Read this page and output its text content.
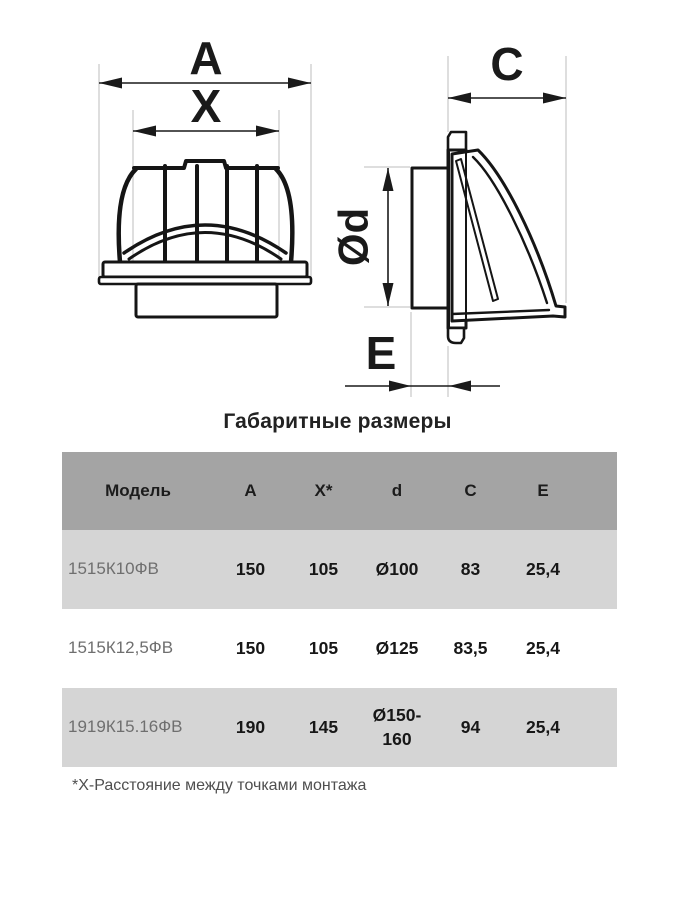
A
X
C
Ød
E
Габаритные размеры
Модель	A	X*	d	C	E
1515К10ФВ	150	105	Ø100	83	25,4
1515К12,5ФВ	150	105	Ø125	83,5	25,4
1919К15.16ФВ	190	145	Ø150-160	94	25,4

*X-Расстояние между точками монтажа
